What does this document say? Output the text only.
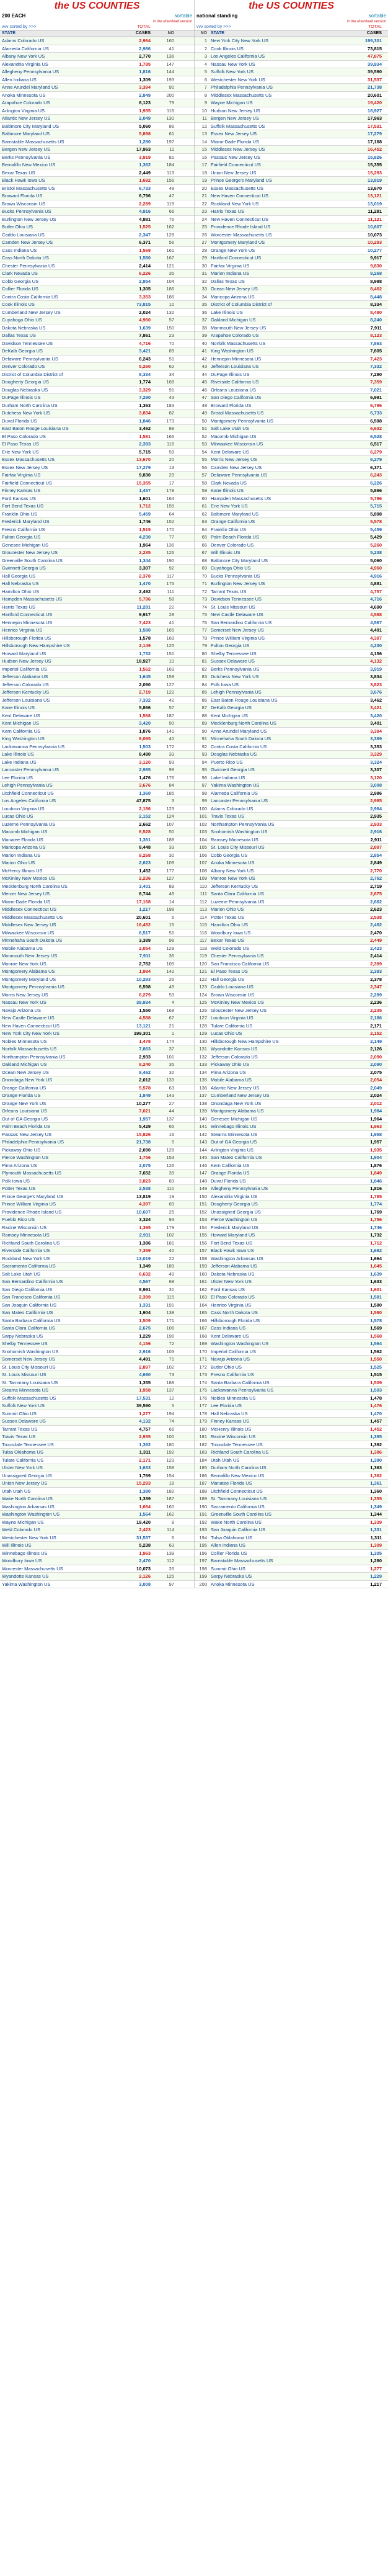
the US COUNTIES
200 EACH	sortable
in the download version
vvv sorted by >>>	TOTAL
STATE	CASES	NO
Adams Colorado US	2,964	160
Alameda California US	2,986	41
Albany New York US	2,770	136
Alexandria Virginia US	1,785	147
Allegheny Pennsylvania US	1,816	144
Allen Indiana US	1,309	193
Anne Arundel Maryland US	3,394	90
Anoka Minnesota US	2,849	200
Arapahoe Colorado US	8,123	79
Arlington Virginia US	1,935	116
Atlantic New Jersey US	2,049	130
Baltimore City Maryland US	5,060	86
Baltimore Maryland US	5,898	61
Barnstable Massachusetts US	1,280	197
Bergen New Jersey US	17,963	11
Berks Pennsylvania US	3,919	81
Bernalillo New Mexico US	1,362	184
Bexar Texas US	2,449	113
Black Hawk Iowa US	1,692	156
Bristol Massachusetts US	6,733	48
Broward Florida US	6,796	47
Brown Wisconsin US	2,289	119
Bucks Pennsylvania US	4,916	66
Burlington New Jersey US	4,881	76
Butler Ohio US	1,525	162
Caddo Louisiana US	2,347	128
Camden New Jersey US	6,371	56
Cass Indiana US	1,569	161
Cass North Dakota US	1,580	167
Chester Pennsylvania US	2,414	121
Clark Nevada US	6,226	35
Cobb Georgia US	2,854	104
Collier Florida US	1,305	186
Contra Costa California US	3,353	186
Cook Illinois US	73,815	10
Cumberland New Jersey US	2,024	132
Cuyahoga Ohio US	4,960	57
Dakota Nebraska US	1,639	150
Dallas Texas US	7,861	23
Davidson Tennessee US	4,716	70
DeKalb Georgia US	3,421	89
Delaware Pennsylvania US	6,243	51
Denver Colorado US	5,260	62
District of Columbia District of	8,334	34
Dougherty Georgia US	1,774	168
Douglas Nebraska US	3,329	91
DuPage Illinois US	7,290	43
Durham North Carolina US	1,363	183
Dutchess New York US	3,834	82
Duval Florida US	1,846	173
East Baton Rouge Louisiana US	3,462	88
El Paso Colorado US	1,581	166
El Paso Texas US	2,393	116
Erie New York US	5,715	59
Essex Massachusetts US	13,670	20
Essex New Jersey US	17,279	13
Fairfax Virginia US	9,830	29
Fairfield Connecticut US	15,355	17
Finney Kansas US	1,457	178
Ford Kansas US	1,601	164
Fort Bend Texas US	1,712	155
Franklin Ohio US	5,459	64
Frederick Maryland US	1,746	152
Fresno California US	1,515	170
Fulton Georgia US	4,230	77
Genesee Michigan US	1,964	136
Gloucester New Jersey US	2,235	126
Greenville South Carolina US	1,344	190
Gwinnett Georgia US	3,307	92
Hall Georgia US	2,378	117
Hall Nebraska US	1,470	175
Hamilton Ohio US	2,492	111
Hampden Massachusetts US	5,796	58
Harris Texas US	11,281	22
Hartford Connecticut US	9,917	28
Hennepin Minnesota US	7,423	41
Henrico Virginia US	1,580	165
Hillsborough Florida US	1,578	169
Hillsborough New Hampshire US	2,149	125
Howard Maryland US	1,732	151
Hudson New Jersey US	18,927	10
Imperial California US	1,562	169
Jefferson Alabama US	1,645	159
Jefferson Colorado US	2,090	127
Jefferson Kentucky US	2,719	122
Jefferson Louisiana US	7,332	42
Kane Illinois US	5,866	57
Kent Delaware US	1,568	187
Kent Michigan US	3,420	90
Kern California US	1,876	141
King Washington US	8,065	40
Lackawanna Pennsylvania US	1,503	172
Lake Illinois US	8,480	33
Lake Indiana US	3,120	93
Lancaster Pennsylvania US	2,985	99
Lee Florida US	1,476	176
Lehigh Pennsylvania US	3,676	84
Litchfield Connecticut US	1,360	185
Los Angeles California US	47,875	3
Loudoun Virginia US	2,186	123
Lucas Ohio US	2,152	124
Luzerne Pennsylvania US	2,662	107
Macomb Michigan US	6,528	50
Manatee Florida US	1,361	188
Maricopa Arizona US	8,448	33
Marion Indiana US	9,268	30
Marion Ohio US	2,623	109
McHenry Illinois US	1,452	177
McKinley New Mexico US	2,236	127
Mecklenburg North Carolina US	3,401	89
Mercer New Jersey US	6,744	46
Miami-Dade Florida US	17,168	14
Middlesex Connecticut US	1,217	198
Middlesex Massachusetts US	20,601	6
Middlesex New Jersey US	16,452	15
Milwaukee Wisconsin US	6,517	51
Minnehaha South Dakota US	3,389	96
Mobile Alabama US	2,054	129
Monmouth New Jersey US	7,911	36
Monroe New York US	2,762	105
Montgomery Alabama US	1,984	142
Montgomery Maryland US	10,293	26
Montgomery Pennsylvania US	6,598	49
Morris New Jersey US	6,279	53
Nassau New York US	39,934	4
Navajo Arizona US	1,550	168
New Castle Delaware US	4,588	67
New Haven Connecticut US	13,121	21
New York City New York US	199,301	1
Nobles Minnesota US	1,478	174
Norfolk Massachusetts US	7,863	37
Northampton Pennsylvania US	2,933	101
Oakland Michigan US	8,240	35
Ocean New Jersey US	8,462	32
Onondaga New York US	2,012	133
Orange California US	5,578	63
Orange Florida US	1,849	143
Orange New York US	10,277	27
Orleans Louisiana US	7,021	44
Out of GA Georgia US	1,957	137
Palm Beach Florida US	5,429	65
Passaic New Jersey US	15,826	16
Philadelphia Pennsylvania US	21,738	5
Pickaway Ohio US	2,090	128
Pierce Washington US	1,756	153
Pima Arizona US	2,075	126
Plymouth Massachusetts US	7,652	39
Polk Iowa US	3,823	83
Potter Texas US	2,538	110
Prince George's Maryland US	13,819	19
Prince William Virginia US	4,397	69
Providence Rhode Island US	10,607	25
Pueblo Rico US	3,324	93
Racine Wisconsin US	1,395	179
Ramsey Minnesota US	2,911	102
Richland South Carolina US	1,386	181
Riverside California US	7,359	40
Rockland New York US	13,019	22
Sacramento California US	1,349	189
Salt Lake Utah US	6,632	49
San Bernardino California US	4,567	68
San Diego California US	8,991	31
San Francisco California US	2,399	115
San Joaquin California US	1,331	191
San Mateo California US	1,904	138
Santa Barbara California US	1,509	171
Santa Clara California US	2,675	106
Sarpy Nebraska US	1,229	196
Shelby Tennessee US	4,156	72
Snohomish Washington US	2,916	103
Somerset New Jersey US	4,491	71
St. Louis City Missouri US	2,897	102
St. Louis Missouri US	4,690	73
St. Tammany Louisiana US	1,355	188
Stearns Minnesota US	1,958	137
Suffolk Massachusetts US	17,531	12
Suffolk New York US	39,590	5
Summit Ohio US	1,277	194
Sussex Delaware US	4,132	74
Tarrant Texas US	4,757	66
Travis Texas US	2,935	100
Trousdale Tennessee US	1,392	180
Tulsa Oklahoma US	1,311	192
Tulare California US	2,171	123
Ulster New York US	1,633	158
Unassigned Georgia US	1,769	154
Union New Jersey US	15,293	18
Utah Utah US	1,380	182
Wake North Carolina US	1,339	187
Washington Arkansas US	1,664	160
Washington Washington US	1,564	162
Wayne Michigan US	19,420	8
Weld Colorado US	2,423	114
Westchester New York US	31,537	6
Will Illinois US	5,238	63
Winnebago Illinois US	1,963	139
Woodbury Iowa US	2,470	112
Worcester Massachusetts US	10,073	26
Wyandotte Kansas US	2,126	125
Yakima Washington US	3,008	97
the US COUNTIES
national standing	sortable
in the download version
vvv sorted by >>>	TOTAL
NO STATE	CASES
1 New York City New York US	199,301
2 Cook Illinois US	73,815
3 Los Angeles California US	47,875
4 Nassau New York US	39,934
5 Suffolk New York US	39,590
6 Westchester New York US	31,537
7 Philadelphia Pennsylvania US	21,738
8 Middlesex Massachusetts US	20,601
9 Wayne Michigan US	19,420
10 Hudson New Jersey US	18,927
11 Bergen New Jersey US	17,963
12 Suffolk Massachusetts US	17,531
13 Essex New Jersey US	17,279
14 Miami-Dade Florida US	17,168
15 Middlesex New Jersey US	16,452
16 Passaic New Jersey US	15,826
17 Fairfield Connecticut US	15,355
18 Union New Jersey US	15,293
19 Prince George's Maryland US	13,819
20 Essex Massachusetts US	13,670
21 New Haven Connecticut US	13,121
22 Rockland New York US	13,019
23 Harris Texas US	11,281
24 New Haven Connecticut US	11,121
25 Providence Rhode Island US	10,607
26 Worcester Massachusetts US	10,073
27 Montgomery Maryland US	10,293
28 Orange New York US	10,277
29 Hartford Connecticut US	9,917
30 Fairfax Virginia US	9,830
31 Marion Indiana US	9,268
32 Dallas Texas US	8,988
33 Ocean New Jersey US	8,462
34 Maricopa Arizona US	8,448
35 District of Columbia District of	8,334
36 Lake Illinois US	8,480
37 Oakland Michigan US	8,240
38 Monmouth New Jersey US	7,911
39 Arapahoe Colorado US	8,123
40 Norfolk Massachusetts US	7,863
41 King Washington US	7,805
42 Hennepin Minnesota US	7,423
43 Jefferson Louisiana US	7,332
44 DuPage Illinois US	7,290
45 Riverside California US	7,359
46 Orleans Louisiana US	7,021
47 San Diego California US	6,991
48 Broward Florida US	6,796
49 Bristol Massachusetts US	6,733
50 Montgomery Pennsylvania US	6,598
51 Salt Lake Utah US	6,632
52 Macomb Michigan US	6,528
53 Milwaukee Wisconsin US	6,517
54 Kent Delaware US	6,279
55 Morris New Jersey US	6,279
56 Camden New Jersey US	6,371
57 Delaware Pennsylvania US	6,243
58 Clark Nevada US	6,226
59 Kane Illinois US	5,866
60 Hampden Massachusetts US	5,796
61 Erie New York US	5,715
62 Baltimore Maryland US	5,898
63 Orange California US	5,578
64 Franklin Ohio US	5,459
65 Palm Beach Florida US	5,429
66 Denver Colorado US	5,260
67 Will Illinois US	5,238
68 Baltimore City Maryland US	5,060
69 Cuyahoga Ohio US	4,960
70 Bucks Pennsylvania US	4,916
71 Burlington New Jersey US	4,881
72 Tarrant Texas US	4,757
73 Davidson Tennessee US	4,716
74 St. Louis Missouri US	4,690
75 New Castle Delaware US	4,588
76 San Bernardino California US	4,567
77 Somerset New Jersey US	4,491
78 Prince William Virginia US	4,397
79 Fulton Georgia US	4,230
80 Shelby Tennessee US	4,156
81 Sussex Delaware US	4,132
82 Berks Pennsylvania US	3,919
83 Dutchess New York US	3,834
84 Polk Iowa US	3,823
85 Lehigh Pennsylvania US	3,676
86 East Baton Rouge Louisiana US	3,462
87 DeKalb Georgia US	3,421
88 Kent Michigan US	3,420
89 Mecklenburg North Carolina US	3,401
90 Anne Arundel Maryland US	3,394
91 Minnehaha South Dakota US	3,389
92 Contra Costa California US	3,353
93 Douglas Nebraska US	3,329
94 Puerto Rico US	3,324
95 Gwinnett Georgia US	3,307
96 Lake Indiana US	3,120
97 Yakima Washington US	3,008
98 Alameda California US	2,986
99 Lancaster Pennsylvania US	2,985
100 Adams Colorado US	2,964
101 Travis Texas US	2,935
102 Northampton Pennsylvania US	2,933
103 Snohomish Washington US	2,916
104 Ramsey Minnesota US	2,911
105 St. Louis City Missouri US	2,897
106 Cobb Georgia US	2,854
107 Anoka Minnesota US	2,849
108 Albany New York US	2,770
109 Monroe New York US	2,762
110 Jefferson Kentucky US	2,719
111 Santa Clara California US	2,675
112 Luzerne Pennsylvania US	2,662
113 Marion Ohio US	2,623
114 Potter Texas US	2,538
115 Hamilton Ohio US	2,492
116 Woodbury Iowa US	2,470
117 Bexar Texas US	2,449
118 Weld Colorado US	2,423
119 Chester Pennsylvania US	2,414
120 San Francisco California US	2,399
121 El Paso Texas US	2,393
122 Hall Georgia US	2,378
123 Caddo Louisiana US	2,347
124 Brown Wisconsin US	2,289
125 McKinley New Mexico US	2,236
126 Gloucester New Jersey US	2,235
127 Loudoun Virginia US	2,186
128 Tulare California US	2,171
129 Lucas Ohio US	2,152
130 Hillsborough New Hampshire US	2,149
131 Wyandotte Kansas US	2,126
132 Jefferson Colorado US	2,090
133 Pickaway Ohio US	2,090
134 Pima Arizona US	2,075
135 Mobile Alabama US	2,054
136 Atlantic New Jersey US	2,049
137 Cumberland New Jersey US	2,024
138 Onondaga New York US	2,012
139 Montgomery Alabama US	1,984
140 Genesee Michigan US	1,964
141 Winnebago Illinois US	1,963
142 Stearns Minnesota US	1,958
143 Out of GA Georgia US	1,957
144 Arlington Virginia US	1,935
145 San Mateo California US	1,904
146 Kern California US	1,876
147 Orange Florida US	1,849
148 Duval Florida US	1,846
149 Allegheny Pennsylvania US	1,816
150 Alexandria Virginia US	1,785
151 Dougherty Georgia US	1,774
152 Unassigned Georgia US	1,769
153 Pierce Washington US	1,756
154 Frederick Maryland US	1,746
155 Howard Maryland US	1,732
156 Fort Bend Texas US	1,712
157 Black Hawk Iowa US	1,692
158 Washington Arkansas US	1,664
159 Jefferson Alabama US	1,645
160 Dakota Nebraska US	1,639
161 Ulster New York US	1,633
162 Ford Kansas US	1,601
163 El Paso Colorado US	1,581
164 Henrico Virginia US	1,580
165 Cass North Dakota US	1,580
166 Hillsborough Florida US	1,578
167 Cass Indiana US	1,569
168 Kent Delaware US	1,568
169 Washington Washington US	1,564
170 Imperial California US	1,562
171 Navajo Arizona US	1,550
172 Butler Ohio US	1,525
173 Fresno California US	1,515
174 Santa Barbara California US	1,509
175 Lackawanna Pennsylvania US	1,503
176 Nobles Minnesota US	1,478
177 Lee Florida US	1,476
178 Hall Nebraska US	1,470
179 Finney Kansas US	1,457
180 McHenry Illinois US	1,452
181 Racine Wisconsin US	1,395
182 Trousdale Tennessee US	1,392
183 Richland South Carolina US	1,386
184 Utah Utah US	1,380
185 Durham North Carolina US	1,363
186 Bernalillo New Mexico US	1,362
187 Manatee Florida US	1,361
188 Litchfield Connecticut US	1,360
189 St. Tammany Louisiana US	1,355
190 Sacramento California US	1,349
191 Greenville South Carolina US	1,344
192 Wake North Carolina US	1,339
193 San Joaquin California US	1,331
194 Tulsa Oklahoma US	1,311
195 Allen Indiana US	1,309
196 Collier Florida US	1,305
197 Barnstable Massachusetts US	1,280
198 Summit Ohio US	1,277
199 Sarpy Nebraska US	1,229
200 Anoka Minnesota US	1,217
